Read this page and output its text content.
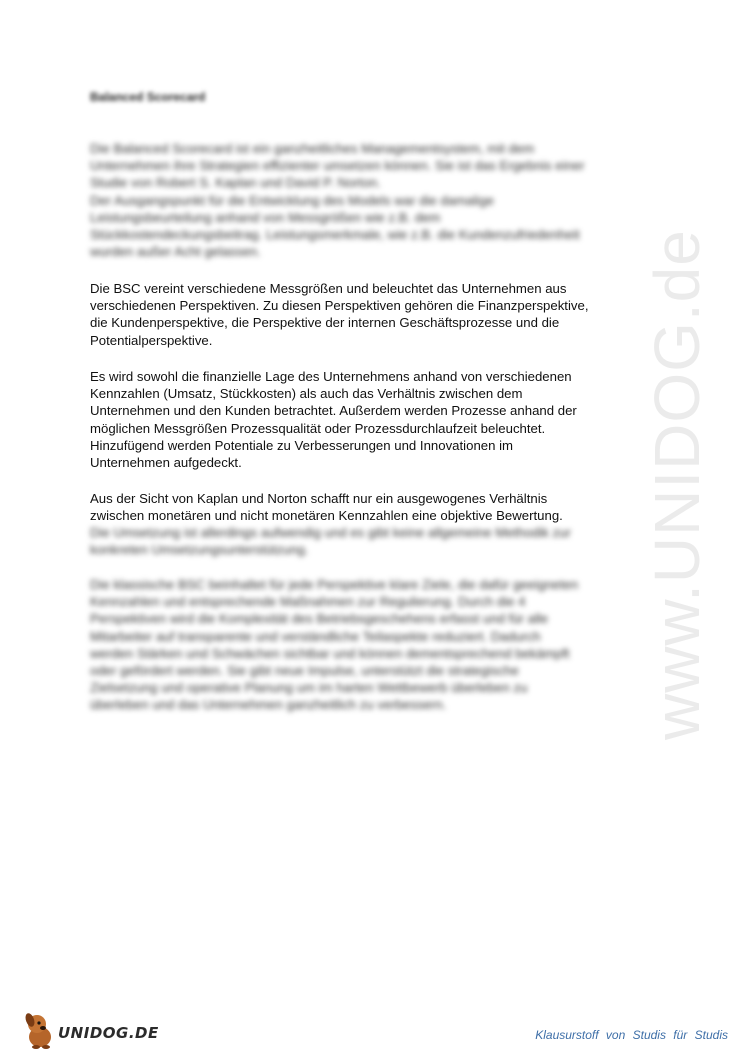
www.UNIDOG.de
Balanced Scorecard

Die Balanced Scorecard ist ein ganzheitliches Managementsystem, mit dem
Unternehmen ihre Strategien effizienter umsetzen können. Sie ist das Ergebnis einer
Studie von Robert S. Kaplan und David P. Norton.
Der Ausgangspunkt für die Entwicklung des Models war die damalige
Leistungsbeurteilung anhand von Messgrößen wie z.B. dem
Stückkostendeckungsbeitrag. Leistungsmerkmale, wie z.B. die Kundenzufriedenheit
wurden außer Acht gelassen.

Die BSC vereint verschiedene Messgrößen und beleuchtet das Unternehmen aus
verschiedenen Perspektiven. Zu diesen Perspektiven gehören die Finanzperspektive,
die Kundenperspektive, die Perspektive der internen Geschäftsprozesse und die
Potentialperspektive.

Es wird sowohl die finanzielle Lage des Unternehmens anhand von verschiedenen
Kennzahlen (Umsatz, Stückkosten) als auch das Verhältnis zwischen dem
Unternehmen und den Kunden betrachtet. Außerdem werden Prozesse anhand der
möglichen Messgrößen Prozessqualität oder Prozessdurchlaufzeit beleuchtet.
Hinzufügend werden Potentiale zu Verbesserungen und Innovationen im
Unternehmen aufgedeckt.

Aus der Sicht von Kaplan und Norton schafft nur ein ausgewogenes Verhältnis
zwischen monetären und nicht monetären Kennzahlen eine objektive Bewertung.

Die Umsetzung ist allerdings aufwendig und es gibt keine allgemeine Methodik zur
konkreten Umsetzungsunterstützung.

Die klassische BSC beinhaltet für jede Perspektive klare Ziele, die dafür geeigneten
Kennzahlen und entsprechende Maßnahmen zur Regulierung. Durch die 4
Perspektiven wird die Komplexität des Betriebsgeschehens erfasst und für alle
Mitarbeiter auf transparente und verständliche Teilaspekte reduziert. Dadurch
werden Stärken und Schwächen sichtbar und können dementsprechend bekämpft
oder gefördert werden. Sie gibt neue Impulse, unterstützt die strategische
Zielsetzung und operative Planung um im harten Wettbewerb überleben zu
überleben und das Unternehmen ganzheitlich zu verbessern.

UNIDOG.DE	Klausurstoff von Studis für Studis
